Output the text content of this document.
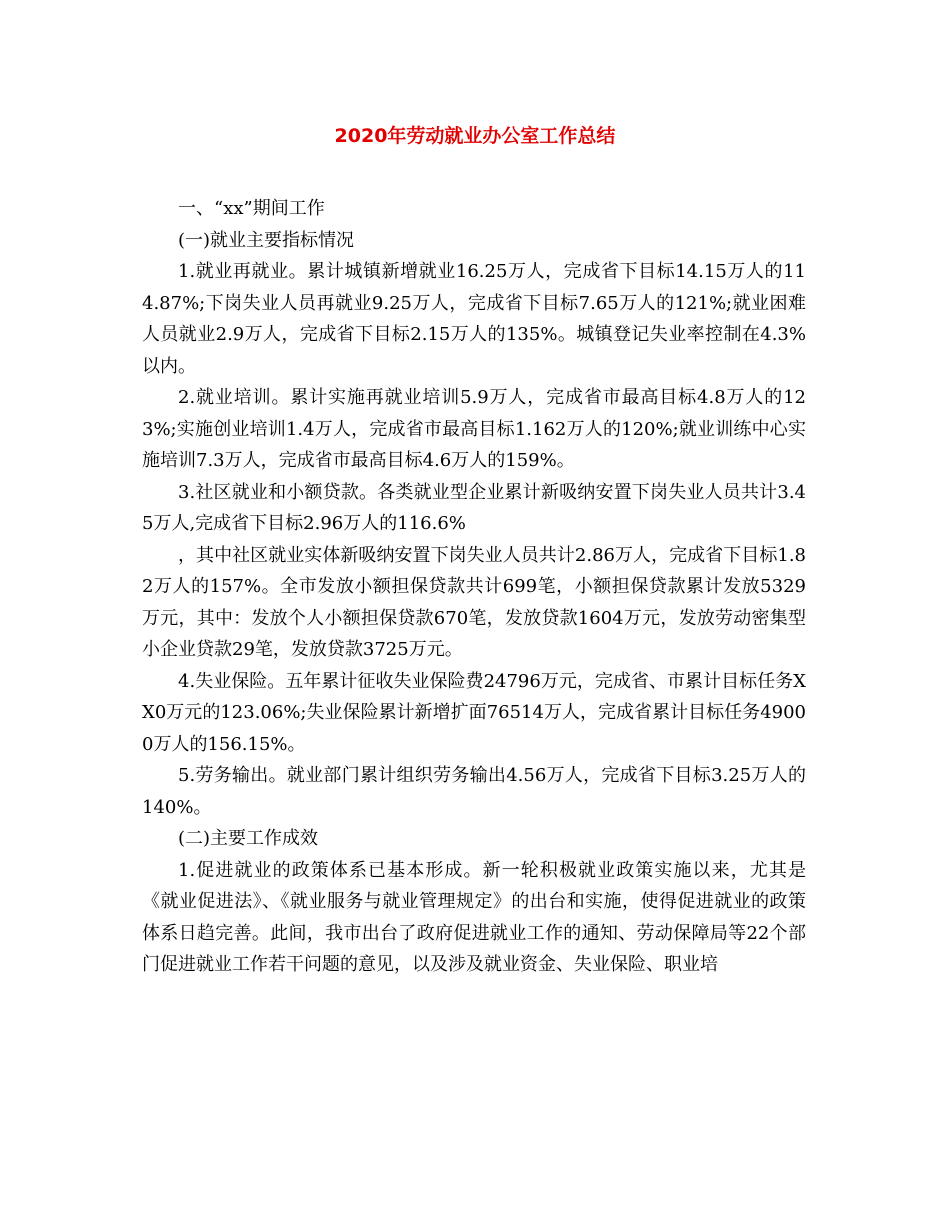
2020年劳动就业办公室工作总结

一、“xx”期间工作

(一)就业主要指标情况

1.就业再就业。累计城镇新增就业16.25万人，完成省下目标14.15万人的114.87%;下岗失业人员再就业9.25万人，完成省下目标7.65万人的121%;就业困难人员就业2.9万人，完成省下目标2.15万人的135%。城镇登记失业率控制在4.3%以内。

2.就业培训。累计实施再就业培训5.9万人，完成省市最高目标4.8万人的123%;实施创业培训1.4万人，完成省市最高目标1.162万人的120%;就业训练中心实施培训7.3万人，完成省市最高目标4.6万人的159%。

3.社区就业和小额贷款。各类就业型企业累计新吸纳安置下岗失业人员共计3.45万人,完成省下目标2.96万人的116.6%

，其中社区就业实体新吸纳安置下岗失业人员共计2.86万人，完成省下目标1.82万人的157%。全市发放小额担保贷款共计699笔，小额担保贷款累计发放5329万元，其中：发放个人小额担保贷款670笔，发放贷款1604万元，发放劳动密集型小企业贷款29笔，发放贷款3725万元。

4.失业保险。五年累计征收失业保险费24796万元，完成省、市累计目标任务XX0万元的123.06%;失业保险累计新增扩面76514万人，完成省累计目标任务49000万人的156.15%。

5.劳务输出。就业部门累计组织劳务输出4.56万人，完成省下目标3.25万人的140%。

(二)主要工作成效

1.促进就业的政策体系已基本形成。新一轮积极就业政策实施以来，尤其是《就业促进法》、《就业服务与就业管理规定》的出台和实施，使得促进就业的政策体系日趋完善。此间，我市出台了政府促进就业工作的通知、劳动保障局等22个部门促进就业工作若干问题的意见，以及涉及就业资金、失业保险、职业培
